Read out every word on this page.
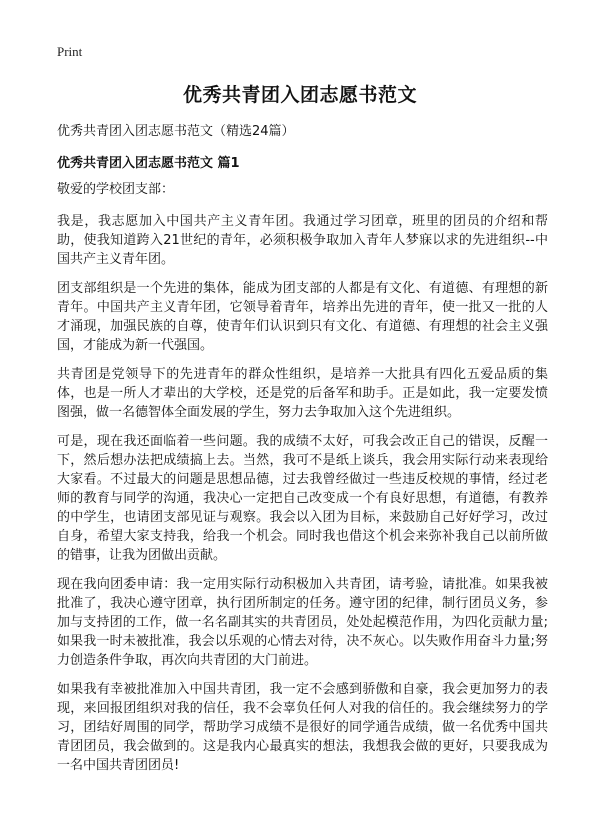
Print
优秀共青团入团志愿书范文

优秀共青团入团志愿书范文（精选24篇）

优秀共青团入团志愿书范文 篇1

敬爱的学校团支部：

我是，我志愿加入中国共产主义青年团。我通过学习团章，班里的团员的介绍和帮助，使我知道跨入21世纪的青年，必须积极争取加入青年人梦寐以求的先进组织--中国共产主义青年团。

团支部组织是一个先进的集体，能成为团支部的人都是有文化、有道德、有理想的新青年。中国共产主义青年团，它领导着青年，培养出先进的青年，使一批又一批的人才涌现，加强民族的自尊，使青年们认识到只有文化、有道德、有理想的社会主义强国，才能成为新一代强国。

共青团是党领导下的先进青年的群众性组织，是培养一大批具有四化五爱品质的集体，也是一所人才辈出的大学校，还是党的后备军和助手。正是如此，我一定要发愤图强，做一名德智体全面发展的学生，努力去争取加入这个先进组织。

可是，现在我还面临着一些问题。我的成绩不太好，可我会改正自己的错误，反醒一下，然后想办法把成绩搞上去。当然，我可不是纸上谈兵，我会用实际行动来表现给大家看。不过最大的问题是思想品德，过去我曾经做过一些违反校规的事情，经过老师的教育与同学的沟通，我决心一定把自己改变成一个有良好思想，有道德，有教养的中学生，也请团支部见证与观察。我会以入团为目标，来鼓励自己好好学习，改过自身，希望大家支持我，给我一个机会。同时我也借这个机会来弥补我自己以前所做的错事，让我为团做出贡献。

现在我向团委申请：我一定用实际行动积极加入共青团，请考验，请批准。如果我被批准了，我决心遵守团章，执行团所制定的任务。遵守团的纪律，制行团员义务，参加与支持团的工作，做一名名副其实的共青团员，处处起模范作用，为四化贡献力量;如果我一时未被批准，我会以乐观的心情去对待，决不灰心。以失败作用奋斗力量;努力创造条件争取，再次向共青团的大门前进。

如果我有幸被批准加入中国共青团，我一定不会感到骄傲和自豪，我会更加努力的表现，来回报团组织对我的信任，我不会辜负任何人对我的信任的。我会继续努力的学习，团结好周围的同学，帮助学习成绩不是很好的同学通告成绩，做一名优秀中国共青团团员，我会做到的。这是我内心最真实的想法，我想我会做的更好，只要我成为一名中国共青团团员!
